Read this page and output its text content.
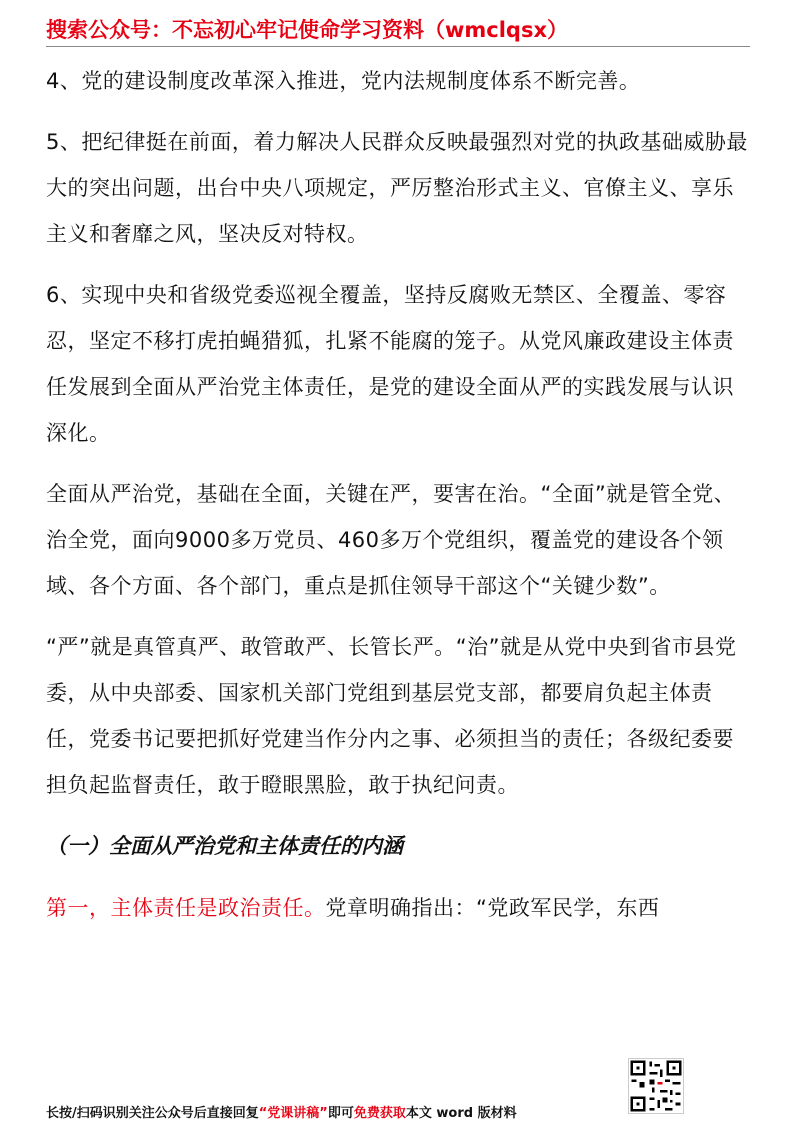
搜索公众号：不忘初心牢记使命学习资料（wmclqsx）

4、党的建设制度改革深入推进，党内法规制度体系不断完善。

5、把纪律挺在前面，着力解决人民群众反映最强烈对党的执政基础威胁最大的突出问题，出台中央八项规定，严厉整治形式主义、官僚主义、享乐主义和奢靡之风，坚决反对特权。

6、实现中央和省级党委巡视全覆盖，坚持反腐败无禁区、全覆盖、零容忍，坚定不移打虎拍蝇猎狐，扎紧不能腐的笼子。从党风廉政建设主体责任发展到全面从严治党主体责任，是党的建设全面从严的实践发展与认识深化。

全面从严治党，基础在全面，关键在严，要害在治。“全面”就是管全党、治全党，面向9000多万党员、460多万个党组织，覆盖党的建设各个领域、各个方面、各个部门，重点是抓住领导干部这个“关键少数”。

“严”就是真管真严、敢管敢严、长管长严。“治”就是从党中央到省市县党委，从中央部委、国家机关部门党组到基层党支部，都要肩负起主体责任，党委书记要把抓好党建当作分内之事、必须担当的责任；各级纪委要担负起监督责任，敢于瞪眼黑脸，敢于执纪问责。

（一）全面从严治党和主体责任的内涵

第一，主体责任是政治责任。党章明确指出：“党政军民学，东西

长按/扫码识别关注公众号后直接回复“党课讲稿”即可免费获取本文 word 版材料
